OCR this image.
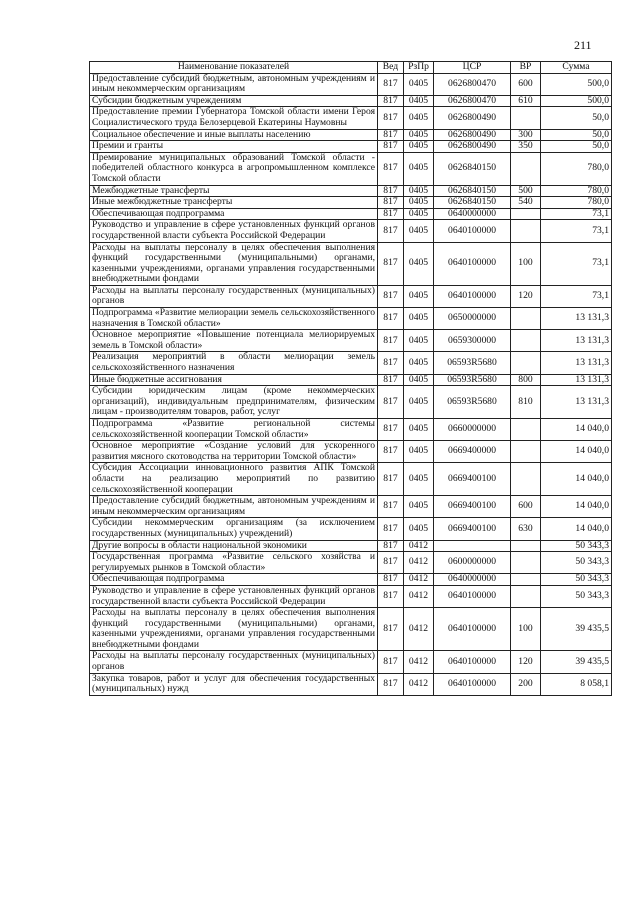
211
Наименование показателей	Вед	РзПр	ЦСР	ВР	Сумма
Предоставление субсидий бюджетным, автономным учреждениям и иным некоммерческим организациям	817	0405	0626800470	600	500,0
Субсидии бюджетным учреждениям	817	0405	0626800470	610	500,0
Предоставление премии Губернатора Томской области имени Героя Социалистического труда Белозерцевой Екатерины Наумовны	817	0405	0626800490		50,0
Социальное обеспечение и иные выплаты населению	817	0405	0626800490	300	50,0
Премии и гранты	817	0405	0626800490	350	50,0
Премирование муниципальных образований Томской области - победителей областного конкурса в агропромышленном комплексе Томской области	817	0405	0626840150		780,0
Межбюджетные трансферты	817	0405	0626840150	500	780,0
Иные межбюджетные трансферты	817	0405	0626840150	540	780,0
Обеспечивающая подпрограмма	817	0405	0640000000		73,1
Руководство и управление в сфере установленных функций органов государственной власти субъекта Российской Федерации	817	0405	0640100000		73,1
Расходы на выплаты персоналу в целях обеспечения выполнения функций государственными (муниципальными) органами, казенными учреждениями, органами управления государственными внебюджетными фондами	817	0405	0640100000	100	73,1
Расходы на выплаты персоналу государственных (муниципальных) органов	817	0405	0640100000	120	73,1
Подпрограмма «Развитие мелиорации земель сельскохозяйственного назначения в Томской области»	817	0405	0650000000		13 131,3
Основное мероприятие «Повышение потенциала мелиорируемых земель в Томской области»	817	0405	0659300000		13 131,3
Реализация мероприятий в области мелиорации земель сельскохозяйственного назначения	817	0405	06593R5680		13 131,3
Иные бюджетные ассигнования	817	0405	06593R5680	800	13 131,3
Субсидии юридическим лицам (кроме некоммерческих организаций), индивидуальным предпринимателям, физическим лицам - производителям товаров, работ, услуг	817	0405	06593R5680	810	13 131,3
Подпрограмма «Развитие региональной системы сельскохозяйственной кооперации Томской области»	817	0405	0660000000		14 040,0
Основное мероприятие «Создание условий для ускоренного развития мясного скотоводства на территории Томской области»	817	0405	0669400000		14 040,0
Субсидия Ассоциации инновационного развития АПК Томской области на реализацию мероприятий по развитию сельскохозяйственной кооперации	817	0405	0669400100		14 040,0
Предоставление субсидий бюджетным, автономным учреждениям и иным некоммерческим организациям	817	0405	0669400100	600	14 040,0
Субсидии некоммерческим организациям (за исключением государственных (муниципальных) учреждений)	817	0405	0669400100	630	14 040,0
Другие вопросы в области национальной экономики	817	0412			50 343,3
Государственная программа «Развитие сельского хозяйства и регулируемых рынков в Томской области»	817	0412	0600000000		50 343,3
Обеспечивающая подпрограмма	817	0412	0640000000		50 343,3
Руководство и управление в сфере установленных функций органов государственной власти субъекта Российской Федерации	817	0412	0640100000		50 343,3
Расходы на выплаты персоналу в целях обеспечения выполнения функций государственными (муниципальными) органами, казенными учреждениями, органами управления государственными внебюджетными фондами	817	0412	0640100000	100	39 435,5
Расходы на выплаты персоналу государственных (муниципальных) органов	817	0412	0640100000	120	39 435,5
Закупка товаров, работ и услуг для обеспечения государственных (муниципальных) нужд	817	0412	0640100000	200	8 058,1
